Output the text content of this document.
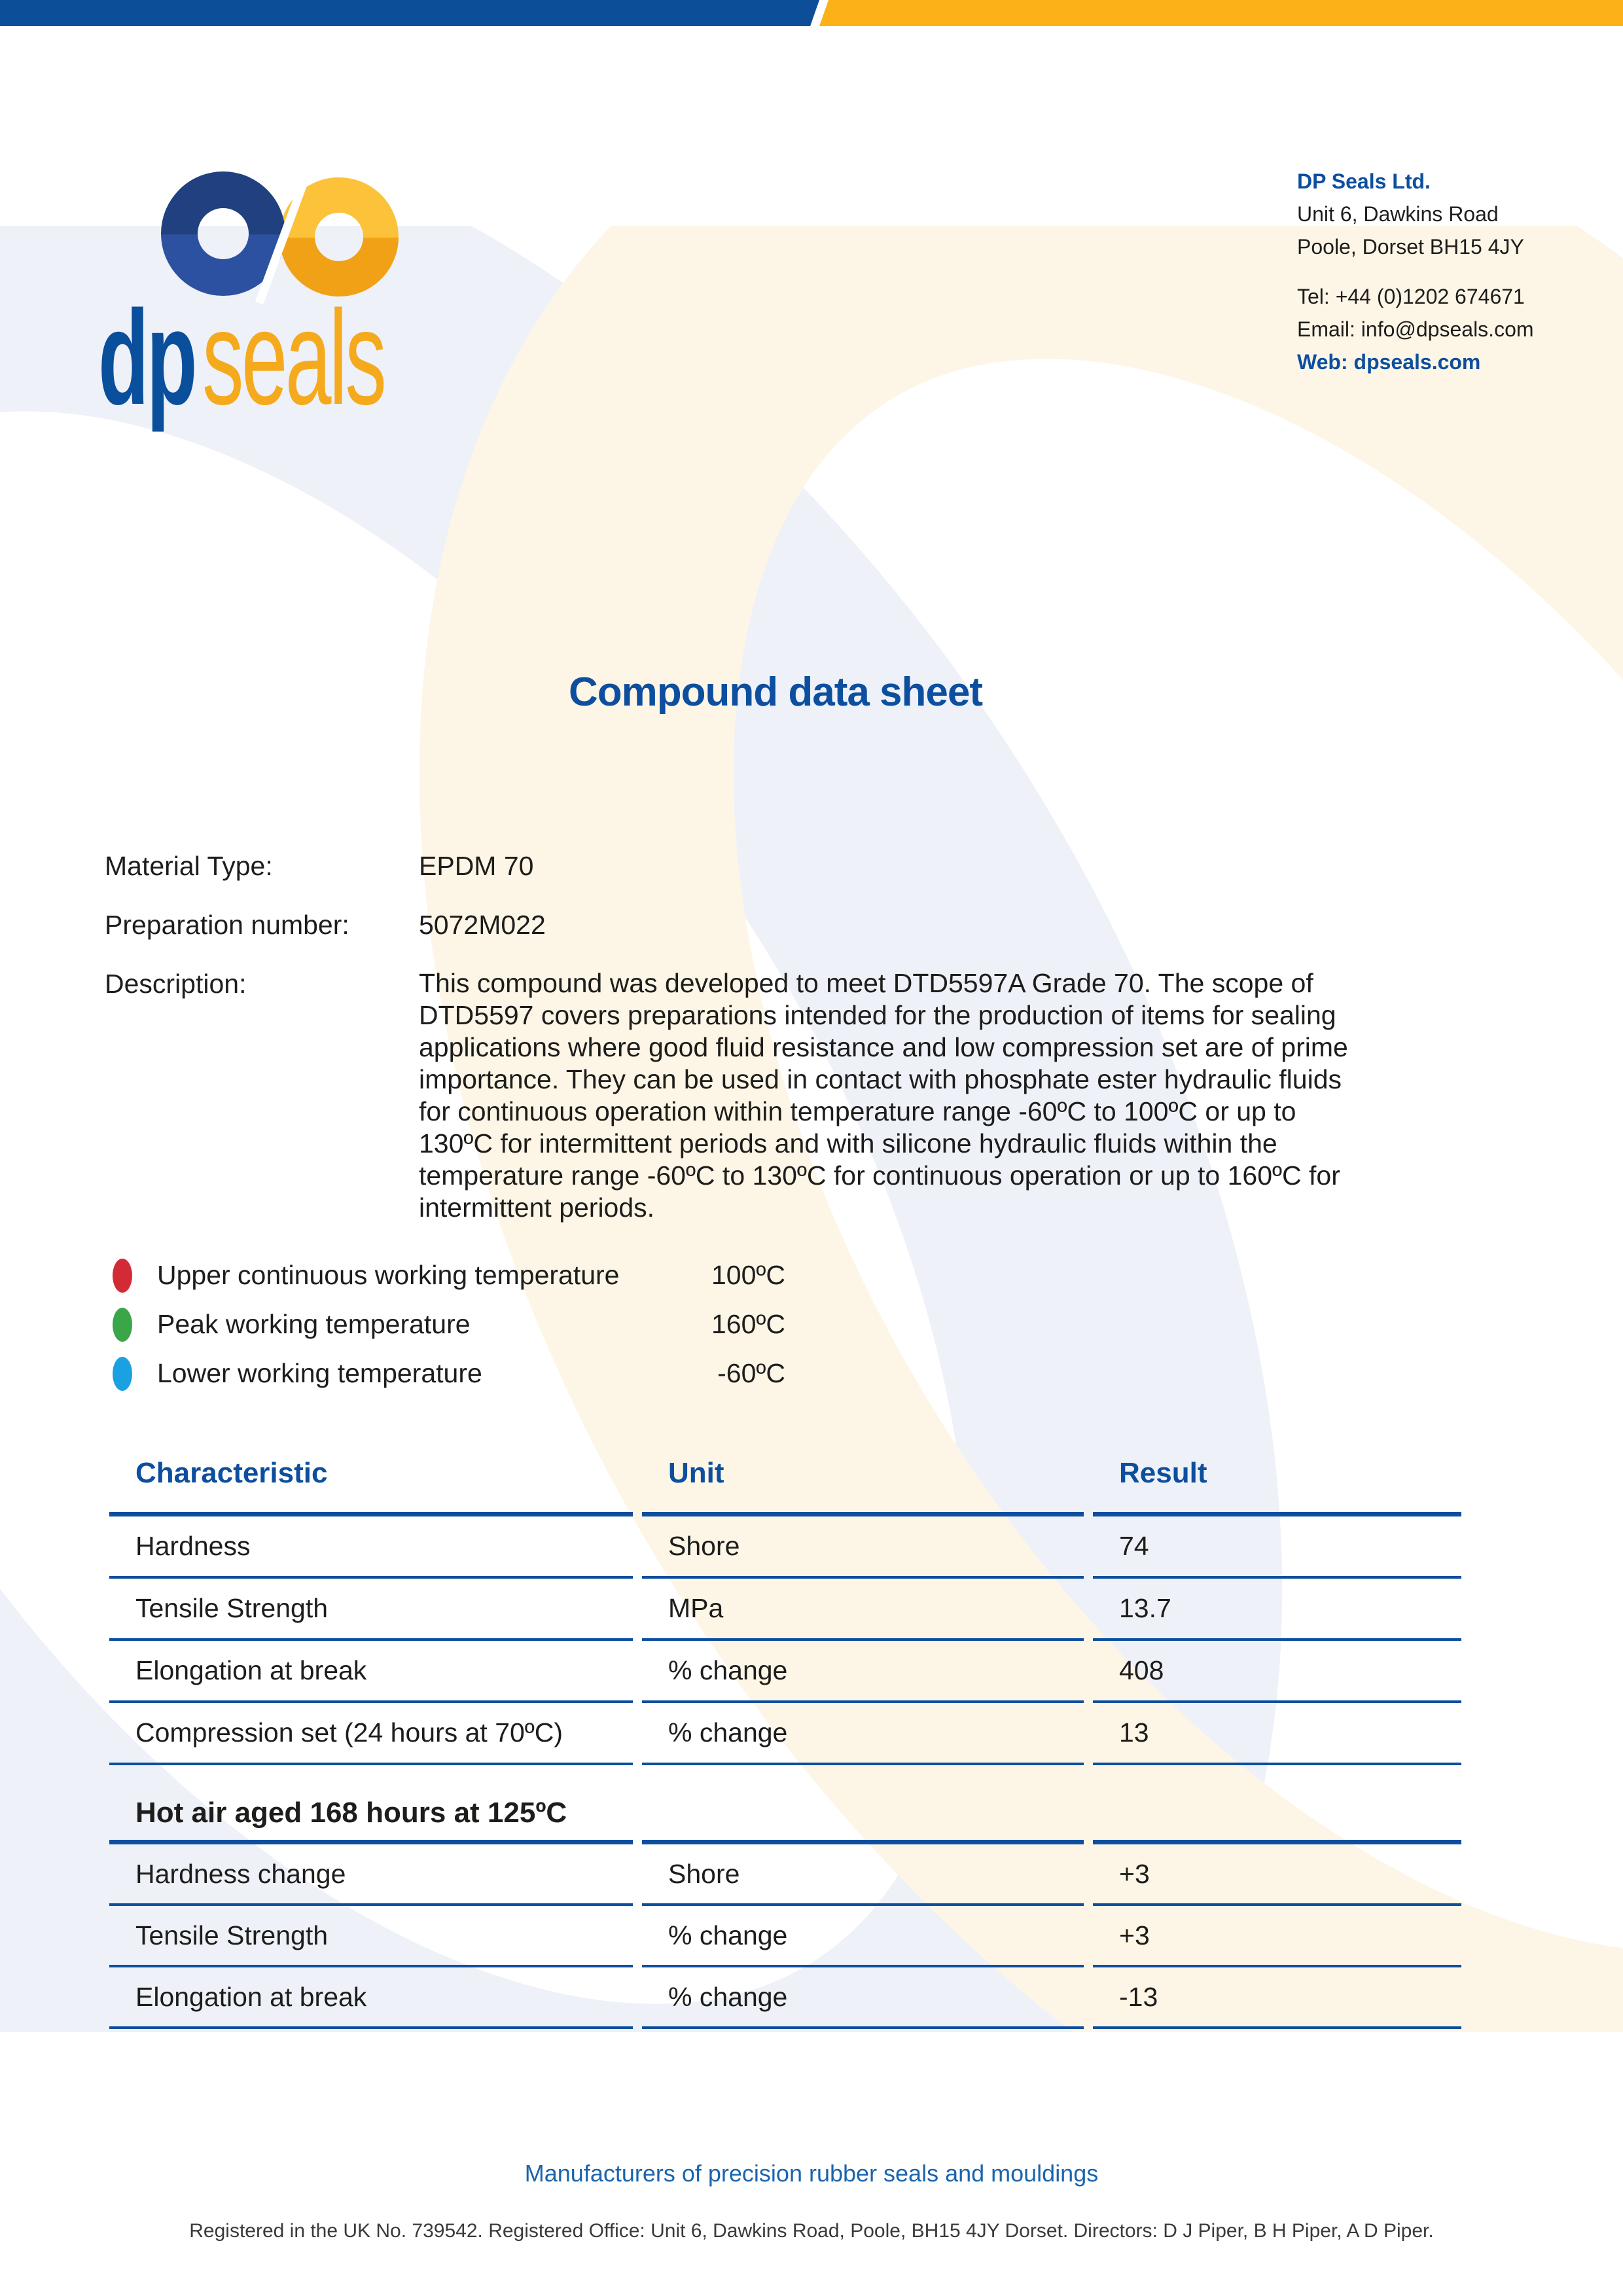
dpseals
DP Seals Ltd.
Unit 6, Dawkins Road
Poole, Dorset BH15 4JY
Tel: +44 (0)1202 674671
Email: info@dpseals.com
Web: dpseals.com
Compound data sheet
Material Type:	EPDM 70
Preparation number:	5072M022
Description:	This compound was developed to meet DTD5597A Grade 70. The scope of DTD5597 covers preparations intended for the production of items for sealing applications where good fluid resistance and low compression set are of prime importance. They can be used in contact with phosphate ester hydraulic fluids for continuous operation within temperature range -60ºC to 100ºC or up to 130ºC for intermittent periods and with silicone hydraulic fluids within the temperature range -60ºC to 130ºC for continuous operation or up to 160ºC for intermittent periods.
Upper continuous working temperature	100ºC
Peak working temperature	160ºC
Lower working temperature	-60ºC
Characteristic	Unit	Result
Hardness	Shore	74
Tensile Strength	MPa	13.7
Elongation at break	% change	408
Compression set (24 hours at 70ºC)	% change	13
Hot air aged 168 hours at 125ºC		
Hardness change	Shore	+3
Tensile Strength	% change	+3
Elongation at break	% change	-13
Manufacturers of precision rubber seals and mouldings
Registered in the UK No. 739542. Registered Office: Unit 6, Dawkins Road, Poole, BH15 4JY Dorset. Directors: D J Piper, B H Piper, A D Piper.
